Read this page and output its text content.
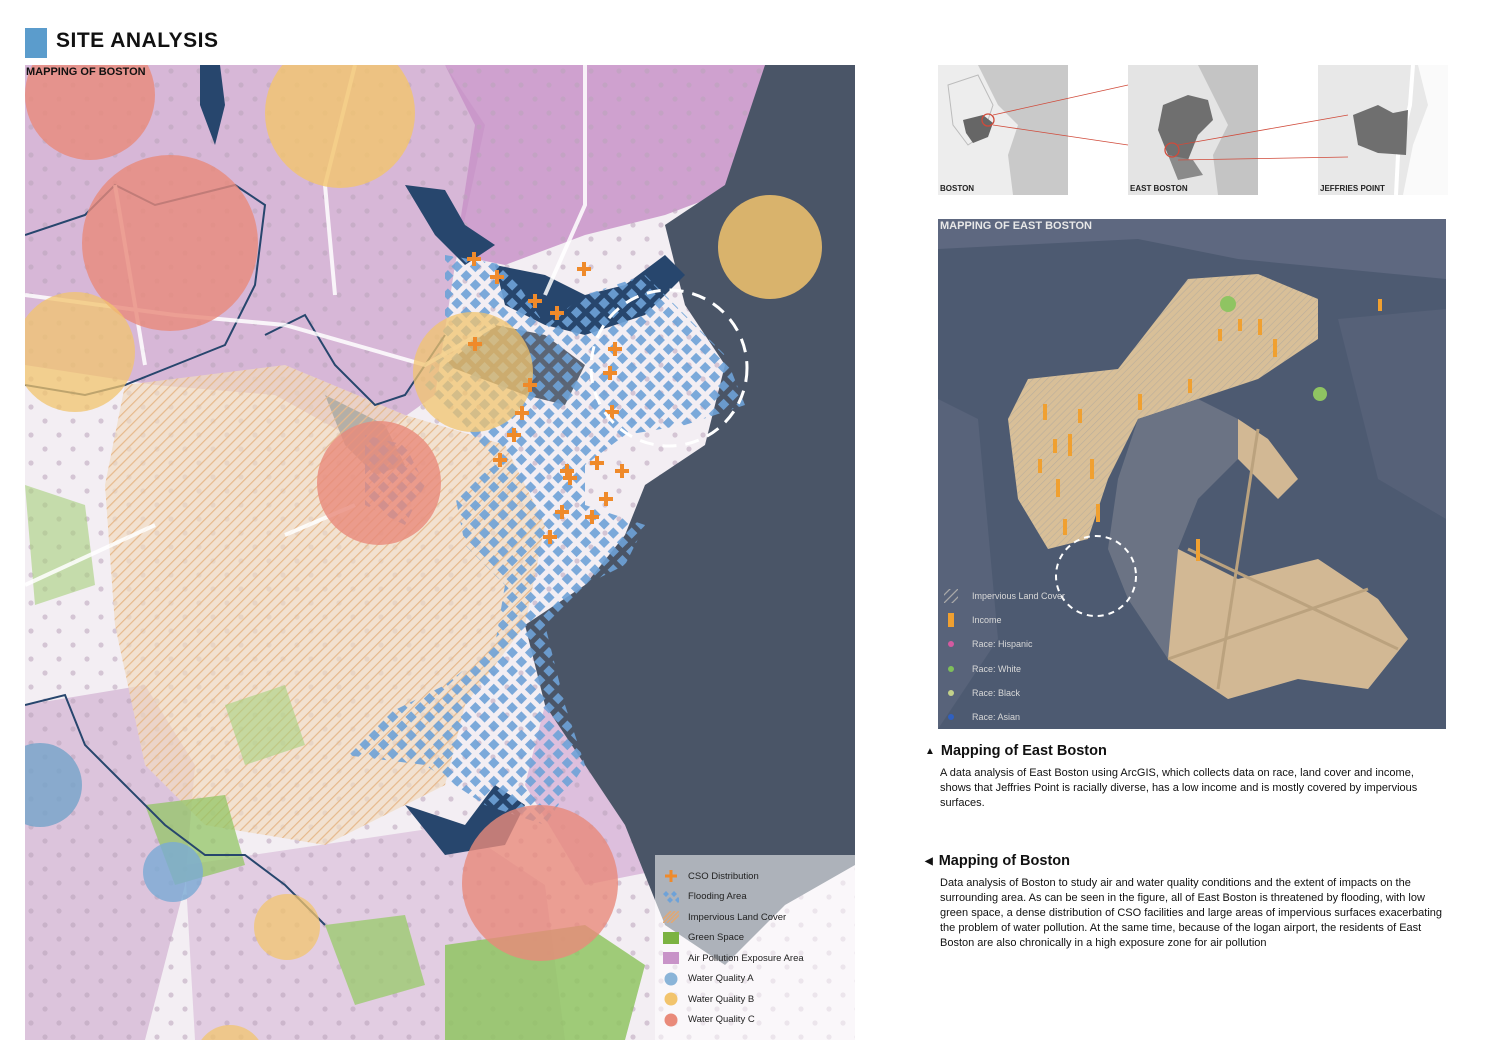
SITE ANALYSIS
MAPPING OF BOSTON
CSO Distribution
Flooding Area
Impervious Land Cover
Green Space
Air Pollution Exposure Area
Water Quality A
Water Quality B
Water Quality C
BOSTON	EAST BOSTON	JEFFRIES POINT
MAPPING OF EAST BOSTON
Impervious Land Cover
Income
Race: Hispanic
Race: White
Race: Black
Race: Asian
▲ Mapping of East Boston
A data analysis of East Boston using ArcGIS, which collects data on race, land cover and income, shows that Jeffries Point is racially diverse, has a low income and is mostly covered by impervious surfaces.
◀ Mapping of Boston
Data analysis of Boston to study air and water quality conditions and the extent of impacts on the surrounding area. As can be seen in the figure, all of East Boston is threatened by flooding, with low green space, a dense distribution of CSO facilities and large areas of impervious surfaces exacerbating the problem of water pollution. At the same time, because of the logan airport, the residents of East Boston are also chronically in a high exposure zone for air pollution
